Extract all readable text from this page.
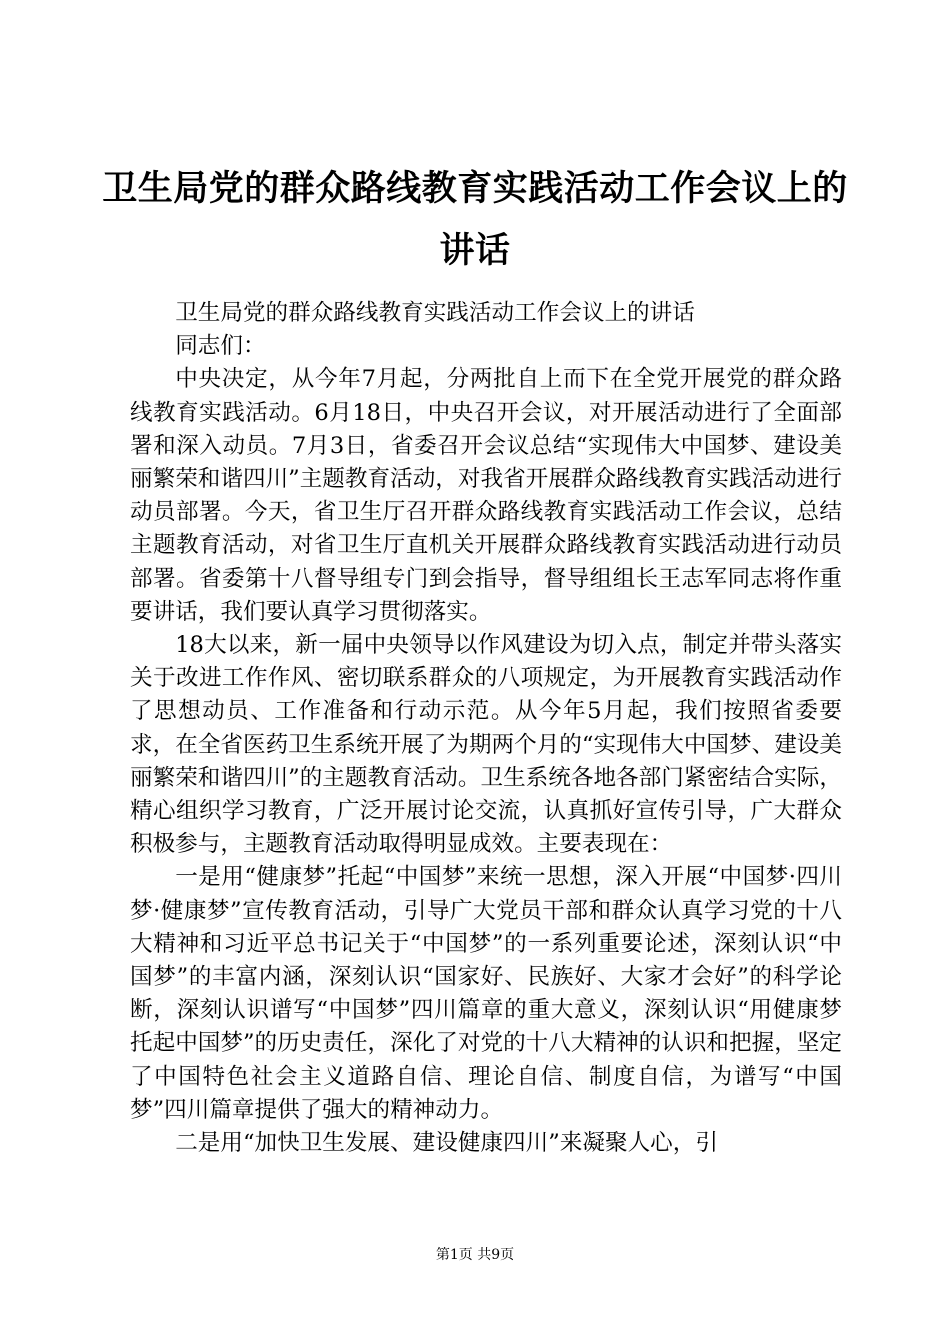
卫生局党的群众路线教育实践活动工作会议上的讲话

卫生局党的群众路线教育实践活动工作会议上的讲话

同志们：

中央决定，从今年7月起，分两批自上而下在全党开展党的群众路线教育实践活动。6月18日，中央召开会议，对开展活动进行了全面部署和深入动员。7月3日，省委召开会议总结“实现伟大中国梦、建设美丽繁荣和谐四川”主题教育活动，对我省开展群众路线教育实践活动进行动员部署。今天，省卫生厅召开群众路线教育实践活动工作会议，总结主题教育活动，对省卫生厅直机关开展群众路线教育实践活动进行动员部署。省委第十八督导组专门到会指导，督导组组长王志军同志将作重要讲话，我们要认真学习贯彻落实。

18大以来，新一届中央领导以作风建设为切入点，制定并带头落实关于改进工作作风、密切联系群众的八项规定，为开展教育实践活动作了思想动员、工作准备和行动示范。从今年5月起，我们按照省委要求，在全省医药卫生系统开展了为期两个月的“实现伟大中国梦、建设美丽繁荣和谐四川”的主题教育活动。卫生系统各地各部门紧密结合实际，精心组织学习教育，广泛开展讨论交流，认真抓好宣传引导，广大群众积极参与，主题教育活动取得明显成效。主要表现在：

一是用“健康梦”托起“中国梦”来统一思想，深入开展“中国梦·四川梦·健康梦”宣传教育活动，引导广大党员干部和群众认真学习党的十八大精神和习近平总书记关于“中国梦”的一系列重要论述，深刻认识“中国梦”的丰富内涵，深刻认识“国家好、民族好、大家才会好”的科学论断，深刻认识谱写“中国梦”四川篇章的重大意义，深刻认识“用健康梦托起中国梦”的历史责任，深化了对党的十八大精神的认识和把握，坚定了中国特色社会主义道路自信、理论自信、制度自信，为谱写“中国梦”四川篇章提供了强大的精神动力。

二是用“加快卫生发展、建设健康四川”来凝聚人心，引

第1页 共9页
